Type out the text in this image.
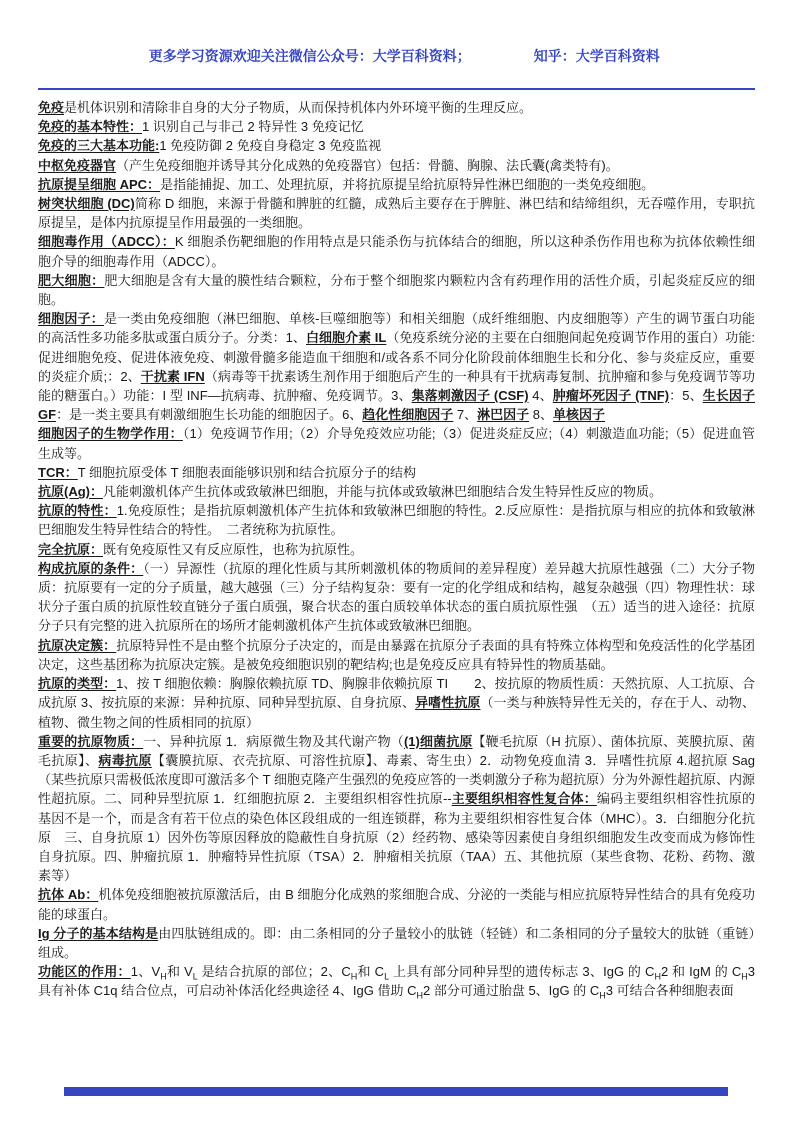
更多学习资源欢迎关注微信公众号：大学百科资料；　　　　　知乎：大学百科资料

免疫是机体识别和清除非自身的大分子物质，从而保持机体内外环境平衡的生理反应。

免疫的基本特性：1 识别自己与非己 2 特异性 3 免疫记忆

免疫的三大基本功能:1 免疫防御 2 免疫自身稳定 3 免疫监视

中枢免疫器官（产生免疫细胞并诱导其分化成熟的免疫器官）包括：骨髓、胸腺、法氏囊(禽类特有)。

抗原提呈细胞 APC：是指能捕捉、加工、处理抗原，并将抗原提呈给抗原特异性淋巴细胞的一类免疫细胞。

树突状细胞 (DC)简称 D 细胞，来源于骨髓和脾脏的红髓，成熟后主要存在于脾脏、淋巴结和结缔组织，无吞噬作用，专职抗原提呈，是体内抗原提呈作用最强的一类细胞。

细胞毒作用（ADCC）：K 细胞杀伤靶细胞的作用特点是只能杀伤与抗体结合的细胞，所以这种杀伤作用也称为抗体依赖性细胞介导的细胞毒作用（ADCC）。

肥大细胞：肥大细胞是含有大量的膜性结合颗粒，分布于整个细胞浆内颗粒内含有药理作用的活性介质，引起炎症反应的细胞。

细胞因子：是一类由免疫细胞（淋巴细胞、单核-巨噬细胞等）和相关细胞（成纤维细胞、内皮细胞等）产生的调节蛋白功能的高活性多功能多肽或蛋白质分子。分类：1、白细胞介素 IL（免疫系统分泌的主要在白细胞间起免疫调节作用的蛋白）功能:促进细胞免疫、促进体液免疫、刺激骨髓多能造血干细胞和/或各系不同分化阶段前体细胞生长和分化、参与炎症反应，重要的炎症介质;：2、干扰素 IFN（病毒等干扰素诱生剂作用于细胞后产生的一种具有干扰病毒复制、抗肿瘤和参与免疫调节等功能的糖蛋白。）功能：I 型 INF—抗病毒、抗肿瘤、免疫调节。3、集落刺激因子 (CSF) 4、肿瘤坏死因子 (TNF)：5、生长因子 GF：是一类主要具有刺激细胞生长功能的细胞因子。6、趋化性细胞因子 7、淋巴因子 8、单核因子

细胞因子的生物学作用：（1）免疫调节作用;（2）介导免疫效应功能;（3）促进炎症反应;（4）刺激造血功能;（5）促进血管生成等。

TCR：T 细胞抗原受体 T 细胞表面能够识别和结合抗原分子的结构

抗原(Ag)：凡能刺激机体产生抗体或致敏淋巴细胞，并能与抗体或致敏淋巴细胞结合发生特异性反应的物质。

抗原的特性：1.免疫原性；是指抗原刺激机体产生抗体和致敏淋巴细胞的特性。2.反应原性：是指抗原与相应的抗体和致敏淋巴细胞发生特异性结合的特性。　二者统称为抗原性。

完全抗原：既有免疫原性又有反应原性，也称为抗原性。

构成抗原的条件：（一）异源性（抗原的理化性质与其所刺激机体的物质间的差异程度）差异越大抗原性越强（二）大分子物质：抗原要有一定的分子质量，越大越强（三）分子结构复杂：要有一定的化学组成和结构，越复杂越强（四）物理性状：球状分子蛋白质的抗原性较直链分子蛋白质强，聚合状态的蛋白质较单体状态的蛋白质抗原性强　（五）适当的进入途径：抗原分子只有完整的进入抗原所在的场所才能刺激机体产生抗体或致敏淋巴细胞。

抗原决定簇：抗原特异性不是由整个抗原分子决定的，而是由暴露在抗原分子表面的具有特殊立体构型和免疫活性的化学基团决定，这些基团称为抗原决定簇。是被免疫细胞识别的靶结构;也是免疫反应具有特异性的物质基础。

抗原的类型：1、按 T 细胞依赖：胸腺依赖抗原 TD、胸腺非依赖抗原 TI　　2、按抗原的物质性质：天然抗原、人工抗原、合成抗原 3、按抗原的来源：异种抗原、同种异型抗原、自身抗原、异嗜性抗原（一类与种族特异性无关的，存在于人、动物、植物、微生物之间的性质相同的抗原）

重要的抗原物质：一、异种抗原 1．病原微生物及其代谢产物（(1)细菌抗原【鞭毛抗原（H 抗原）、菌体抗原、荚膜抗原、菌毛抗原】、病毒抗原【囊膜抗原、衣壳抗原、可溶性抗原】、毒素、寄生虫）2．动物免疫血清 3．异嗜性抗原 4.超抗原 Sag（某些抗原只需极低浓度即可激活多个 T 细胞克隆产生强烈的免疫应答的一类刺激分子称为超抗原）分为外源性超抗原、内源性超抗原。二、同种异型抗原 1．红细胞抗原 2．主要组织相容性抗原--主要组织相容性复合体：编码主要组织相容性抗原的基因不是一个，而是含有若干位点的染色体区段组成的一组连锁群，称为主要组织相容性复合体（MHC）。3．白细胞分化抗原　三、自身抗原 1）因外伤等原因释放的隐蔽性自身抗原（2）经药物、感染等因素使自身组织细胞发生改变而成为修饰性自身抗原。四、肿瘤抗原 1．肿瘤特异性抗原（TSA）2．肿瘤相关抗原（TAA）五、其他抗原（某些食物、花粉、药物、激素等）

抗体 Ab：机体免疫细胞被抗原激活后，由 B 细胞分化成熟的浆细胞合成、分泌的一类能与相应抗原特异性结合的具有免疫功能的球蛋白。

Ig 分子的基本结构是由四肽链组成的。即：由二条相同的分子量较小的肽链（轻链）和二条相同的分子量较大的肽链（重链）组成。

功能区的作用：1、$V_H$和 $V_L$ 是结合抗原的部位；2、$C_H$和 $C_L$ 上具有部分同种异型的遗传标志 3、IgG 的 $C_H2$ 和 IgM 的 $C_H3$ 具有补体 C1q 结合位点，可启动补体活化经典途径 4、IgG 借助 $C_H2$ 部分可通过胎盘 5、IgG 的 $C_H3$ 可结合各种细胞表面
